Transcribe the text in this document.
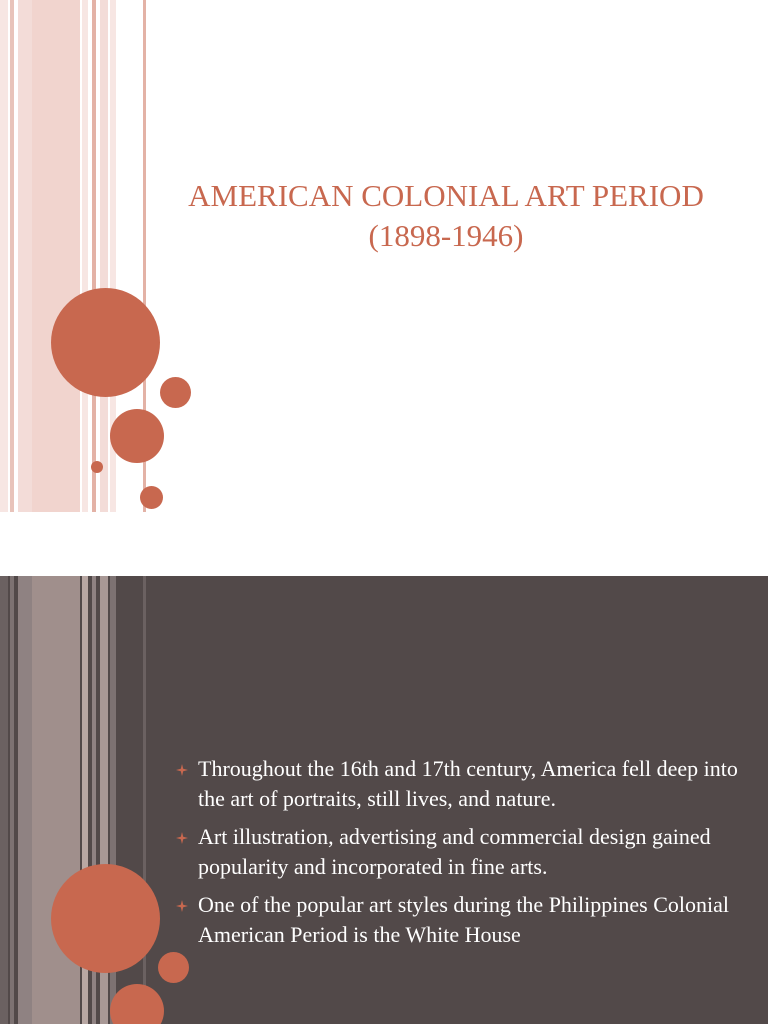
AMERICAN COLONIAL ART PERIOD
(1898-1946)
Throughout the 16th and 17th century, America fell deep into the art of portraits, still lives, and nature.
Art illustration, advertising and commercial design gained popularity and incorporated in fine arts.
One of the popular art styles during the Philippines Colonial American Period is the White House
